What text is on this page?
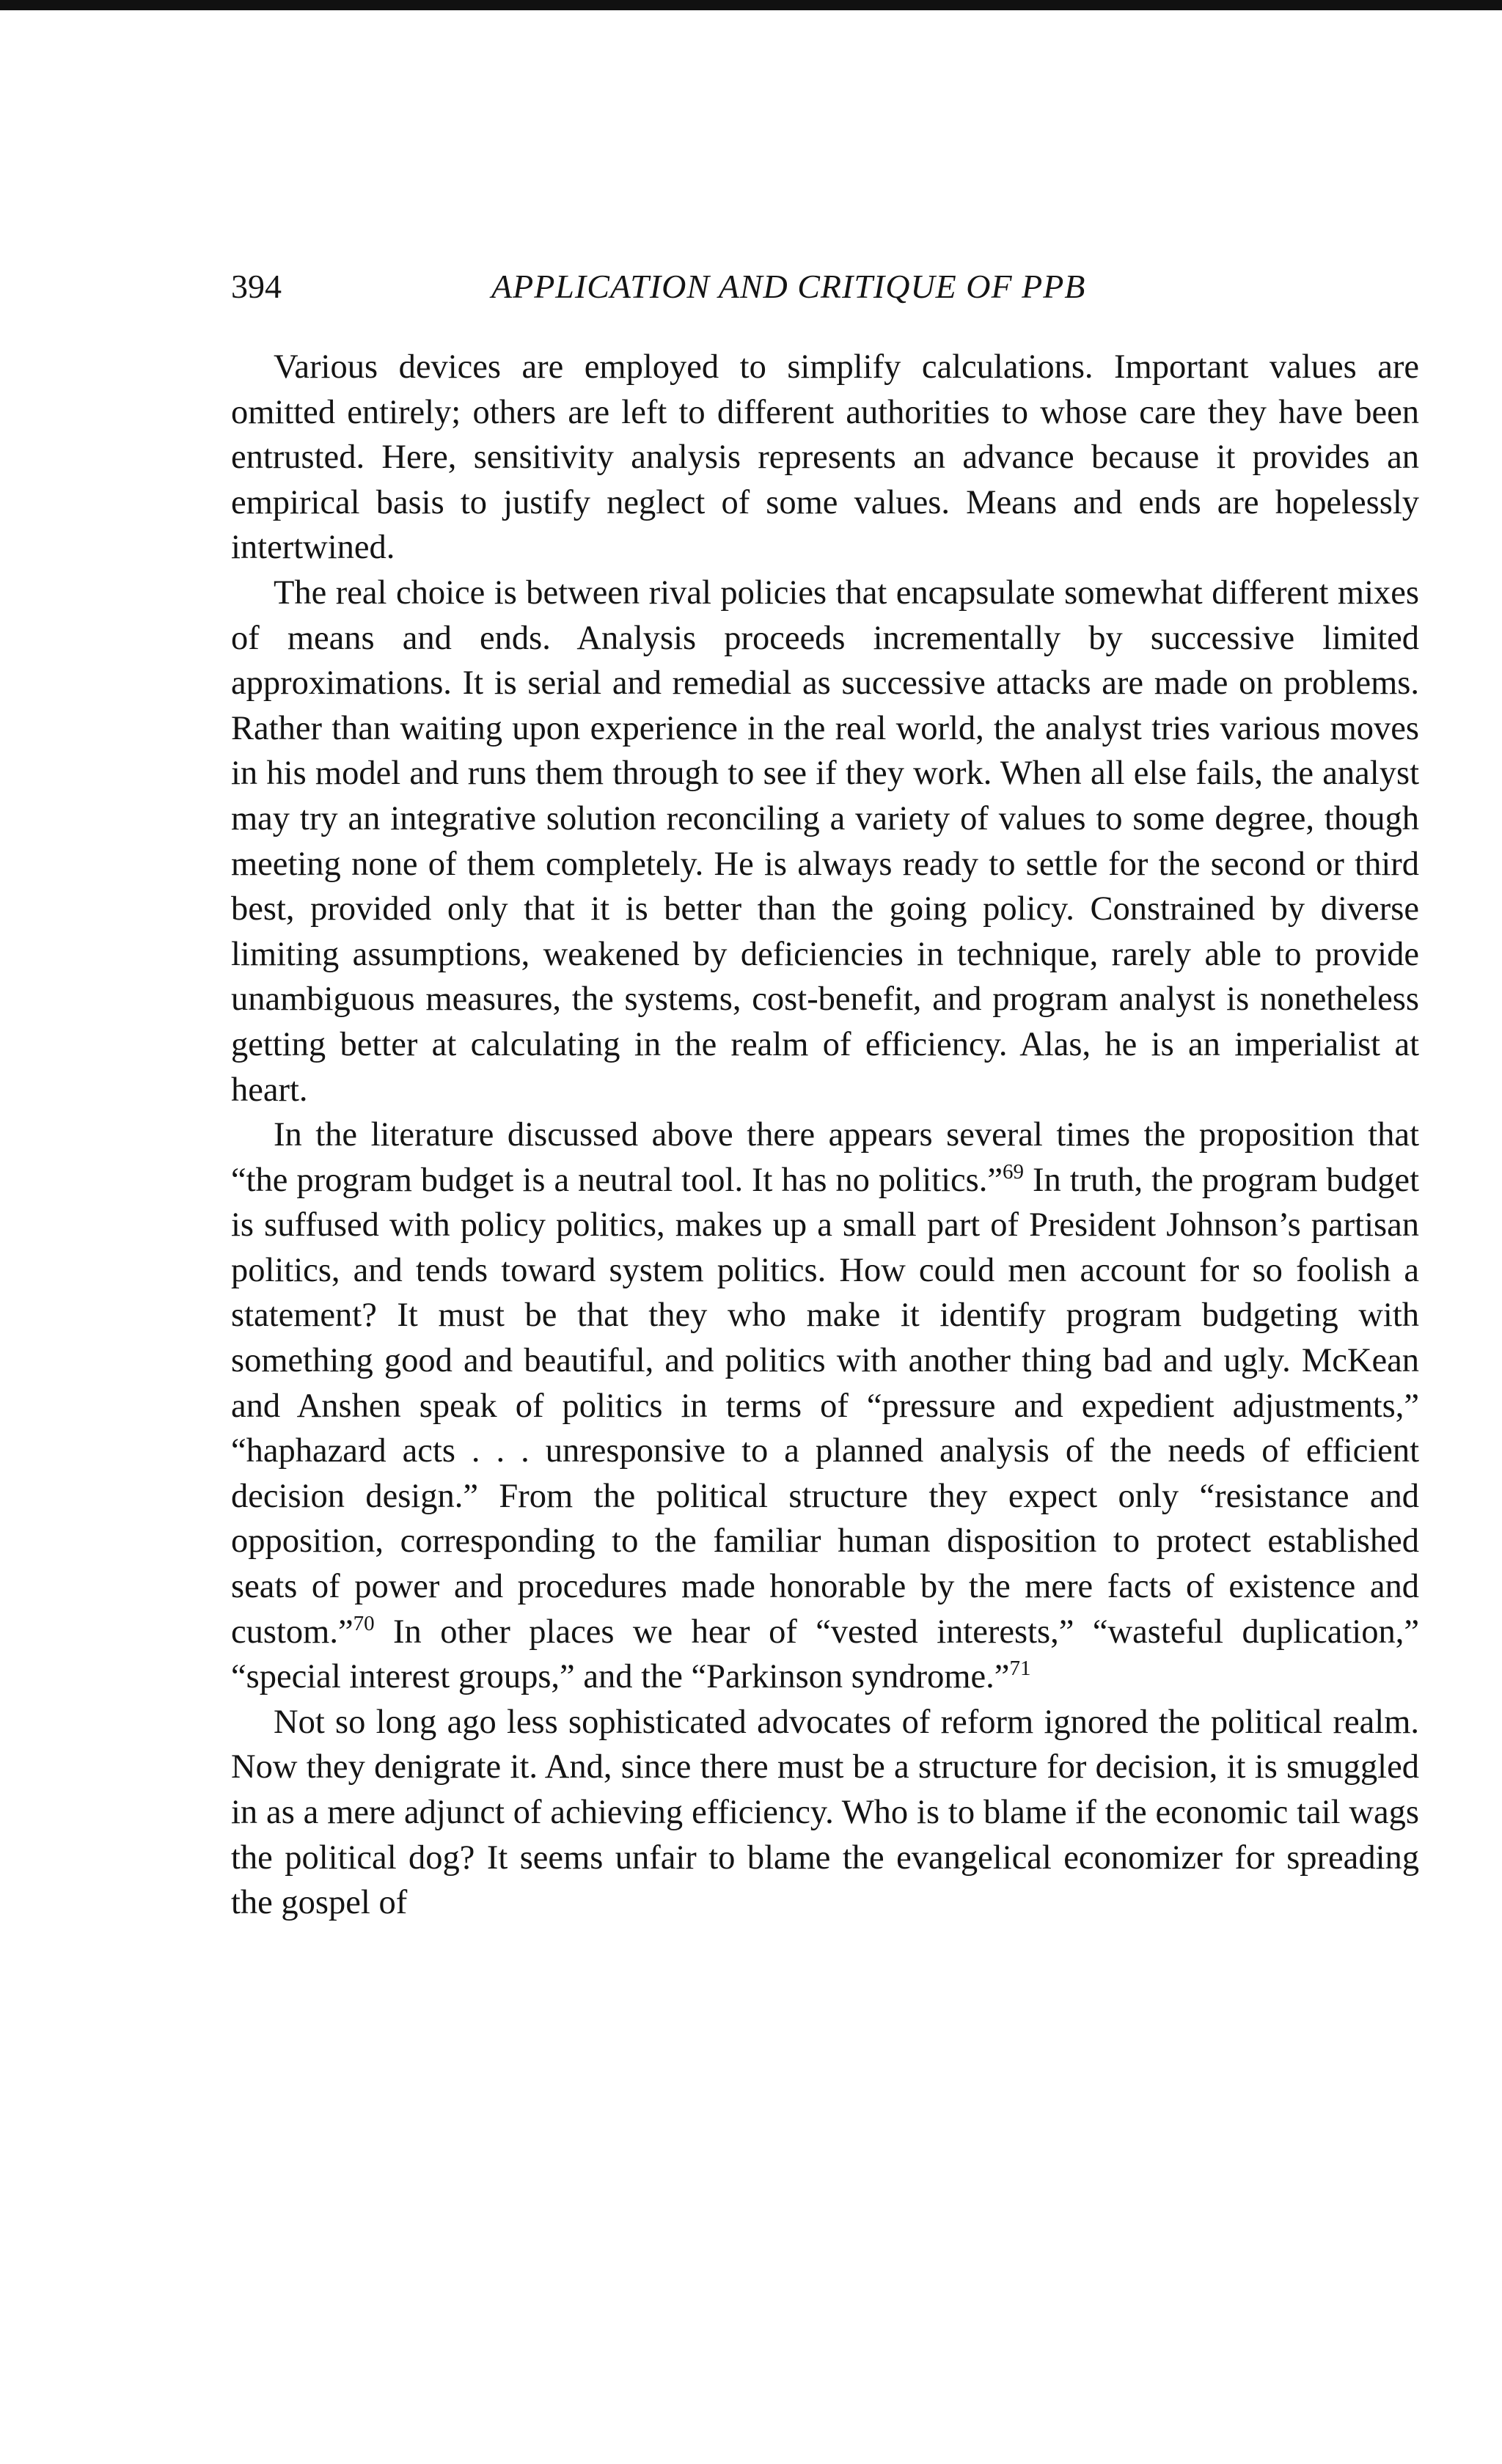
394	APPLICATION AND CRITIQUE OF PPB

Various devices are employed to simplify calculations. Important values are omitted entirely; others are left to different authorities to whose care they have been entrusted. Here, sensitivity analysis represents an advance because it provides an empirical basis to justify neglect of some values. Means and ends are hopelessly intertwined.

The real choice is between rival policies that encapsulate somewhat different mixes of means and ends. Analysis proceeds incrementally by successive limited approximations. It is serial and remedial as successive attacks are made on problems. Rather than waiting upon experience in the real world, the analyst tries various moves in his model and runs them through to see if they work. When all else fails, the analyst may try an integrative solution reconciling a variety of values to some degree, though meeting none of them completely. He is always ready to settle for the second or third best, provided only that it is better than the going policy. Constrained by diverse limiting assumptions, weakened by deficiencies in technique, rarely able to provide unambiguous measures, the systems, cost-benefit, and program analyst is nonetheless getting better at calculating in the realm of efficiency. Alas, he is an imperialist at heart.

In the literature discussed above there appears several times the proposition that “the program budget is a neutral tool. It has no politics.”$^{69}$ In truth, the program budget is suffused with policy politics, makes up a small part of President Johnson’s partisan politics, and tends toward system politics. How could men account for so foolish a statement? It must be that they who make it identify program budgeting with something good and beautiful, and politics with another thing bad and ugly. McKean and Anshen speak of politics in terms of “pressure and expedient adjustments,” “haphazard acts . . . unresponsive to a planned analysis of the needs of efficient decision design.” From the political structure they expect only “resistance and opposition, corresponding to the familiar human disposition to protect established seats of power and procedures made honorable by the mere facts of existence and custom.”$^{70}$ In other places we hear of “vested interests,” “wasteful duplication,” “special interest groups,” and the “Parkinson syndrome.”$^{71}$

Not so long ago less sophisticated advocates of reform ignored the political realm. Now they denigrate it. And, since there must be a structure for decision, it is smuggled in as a mere adjunct of achieving efficiency. Who is to blame if the economic tail wags the political dog? It seems unfair to blame the evangelical economizer for spreading the gospel of
